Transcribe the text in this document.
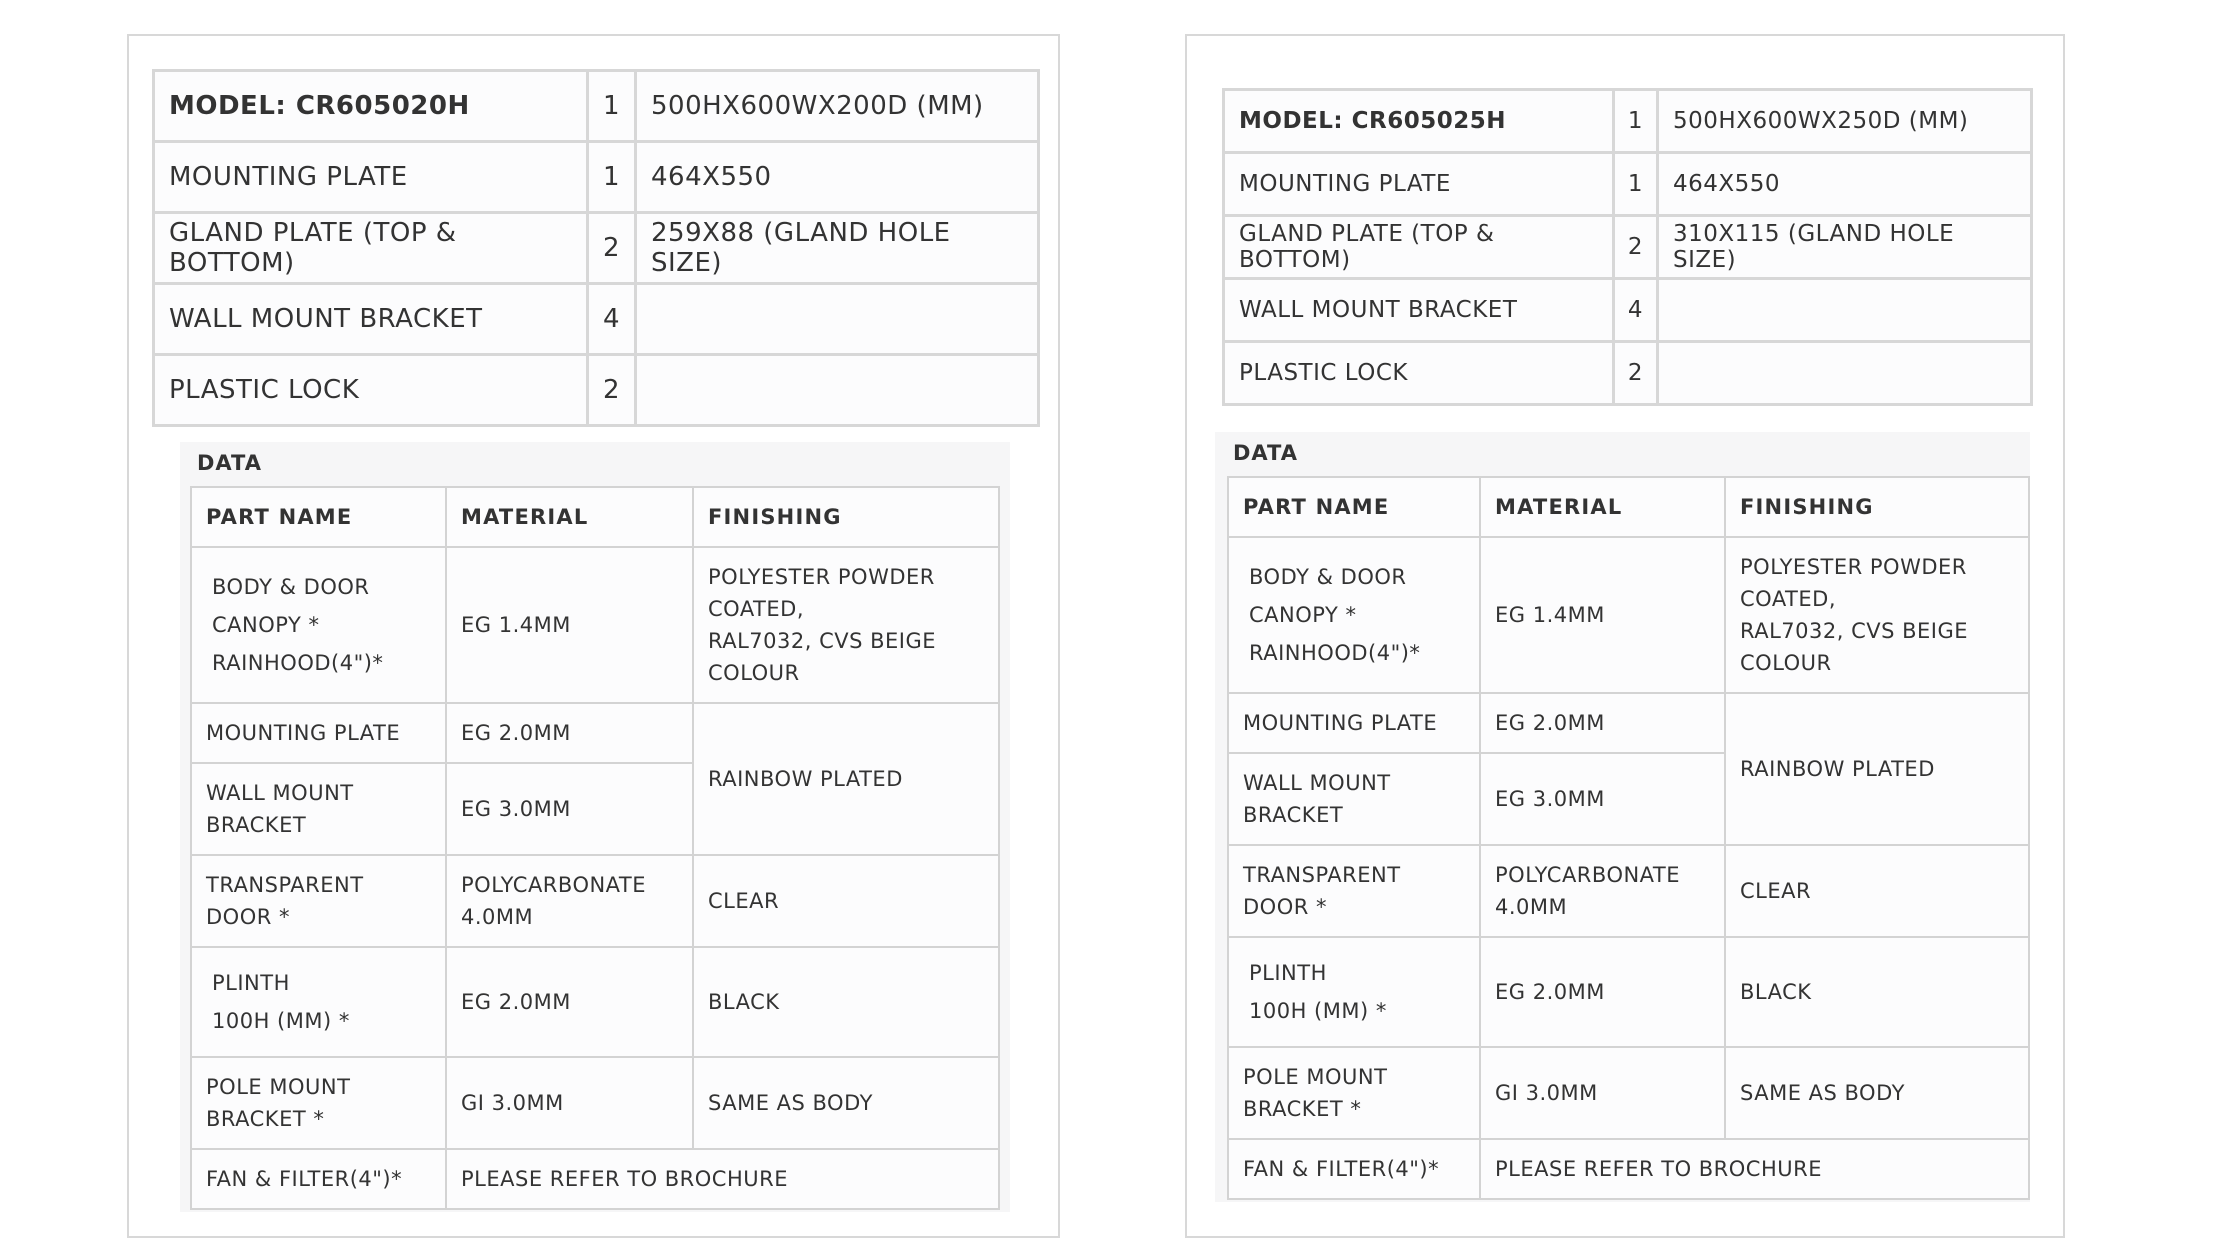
MODEL: CR605020H	1	500HX600WX200D (MM)
MOUNTING PLATE	1	464X550
GLAND PLATE (TOP & BOTTOM)	2	259X88 (GLAND HOLE SIZE)
WALL MOUNT BRACKET	4	
PLASTIC LOCK	2	
DATA
PART NAME	MATERIAL	FINISHING

BODY & DOOR
CANOPY *
RAINHOOD(4")*	EG 1.4MM	POLYESTER POWDER
COATED,
RAL7032, CVS BEIGE
COLOUR

MOUNTING PLATE	EG 2.0MM	RAINBOW PLATED

WALL MOUNT
BRACKET	EG 3.0MM	

TRANSPARENT
DOOR *	POLYCARBONATE
4.0MM	CLEAR

PLINTH
100H (MM) *	EG 2.0MM	BLACK

POLE MOUNT
BRACKET *	GI 3.0MM	SAME AS BODY
FAN & FILTER(4")*	PLEASE REFER TO BROCHURE	
MODEL: CR605025H	1	500HX600WX250D (MM)
MOUNTING PLATE	1	464X550
GLAND PLATE (TOP & BOTTOM)	2	310X115 (GLAND HOLE SIZE)
WALL MOUNT BRACKET	4	
PLASTIC LOCK	2	
DATA
PART NAME	MATERIAL	FINISHING

BODY & DOOR
CANOPY *
RAINHOOD(4")*	EG 1.4MM	POLYESTER POWDER
COATED,
RAL7032, CVS BEIGE
COLOUR

MOUNTING PLATE	EG 2.0MM	RAINBOW PLATED

WALL MOUNT
BRACKET	EG 3.0MM	

TRANSPARENT
DOOR *	POLYCARBONATE
4.0MM	CLEAR

PLINTH
100H (MM) *	EG 2.0MM	BLACK

POLE MOUNT
BRACKET *	GI 3.0MM	SAME AS BODY
FAN & FILTER(4")*	PLEASE REFER TO BROCHURE	
